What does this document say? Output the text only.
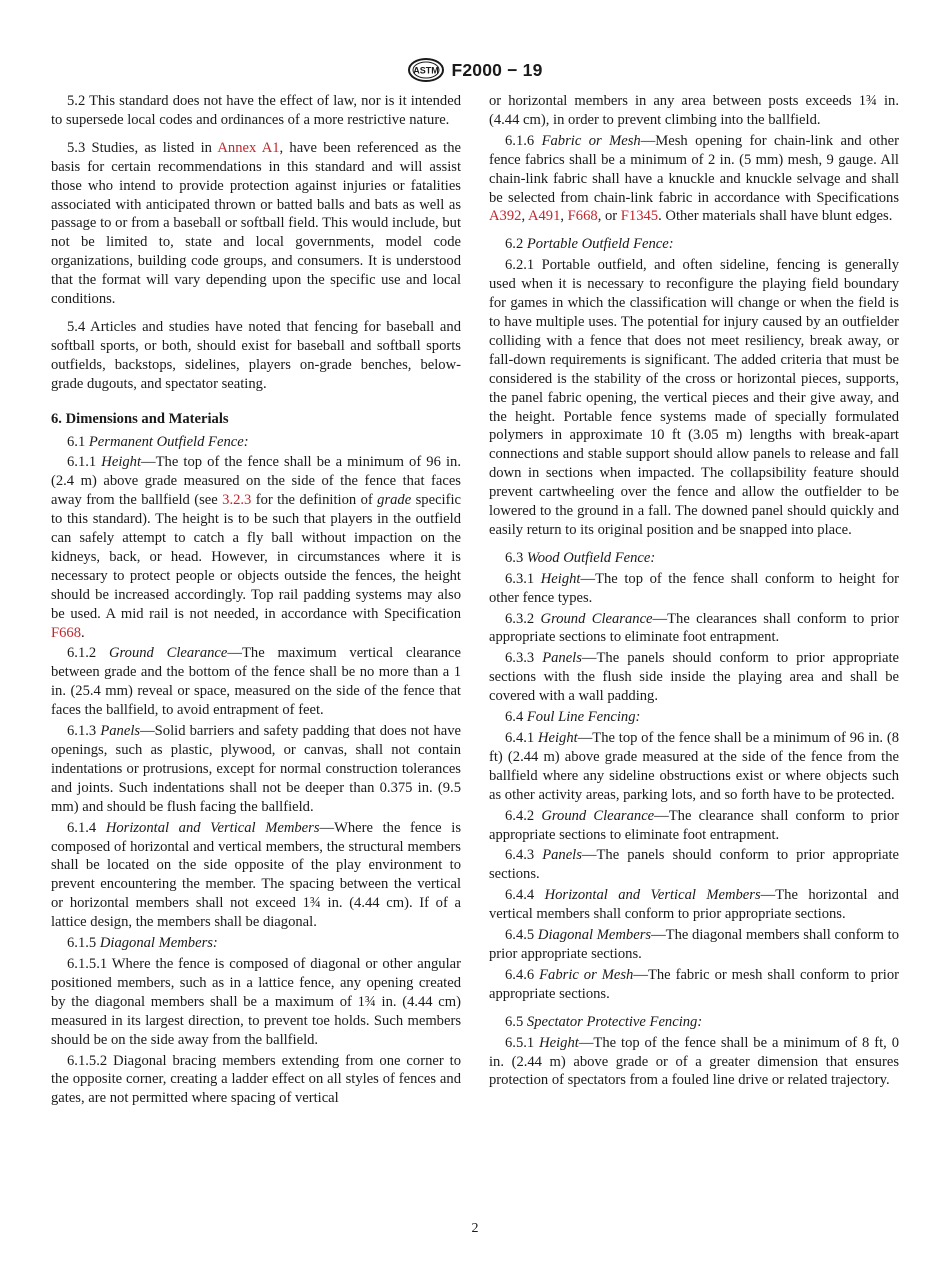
ASTM F2000 − 19

5.2 This standard does not have the effect of law, nor is it intended to supersede local codes and ordinances of a more restrictive nature.

5.3 Studies, as listed in Annex A1, have been referenced as the basis for certain recommendations in this standard and will assist those who intend to provide protection against injuries or fatalities associated with anticipated thrown or batted balls and bats as well as passage to or from a baseball or softball field. This would include, but not be limited to, state and local governments, model code organizations, building code groups, and consumers. It is understood that the format will vary depending upon the specific use and local conditions.

5.4 Articles and studies have noted that fencing for baseball and softball sports, or both, should exist for baseball and softball sports outfields, backstops, sidelines, players on-grade benches, below-grade dugouts, and spectator seating.

6. Dimensions and Materials

6.1 Permanent Outfield Fence:

6.1.1 Height—The top of the fence shall be a minimum of 96 in. (2.4 m) above grade measured on the side of the fence that faces away from the ballfield (see 3.2.3 for the definition of grade specific to this standard). The height is to be such that players in the outfield can safely attempt to catch a fly ball without impaction on the kidneys, back, or head. However, in circumstances where it is necessary to protect people or objects outside the fences, the height should be increased accordingly. Top rail padding systems may also be used. A mid rail is not needed, in accordance with Specification F668.

6.1.2 Ground Clearance—The maximum vertical clearance between grade and the bottom of the fence shall be no more than a 1 in. (25.4 mm) reveal or space, measured on the side of the fence that faces the ballfield, to avoid entrapment of feet.

6.1.3 Panels—Solid barriers and safety padding that does not have openings, such as plastic, plywood, or canvas, shall not contain indentations or protrusions, except for normal construction tolerances and joints. Such indentations shall not be deeper than 0.375 in. (9.5 mm) and should be flush facing the ballfield.

6.1.4 Horizontal and Vertical Members—Where the fence is composed of horizontal and vertical members, the structural members shall be located on the side opposite of the play environment to prevent encountering the member. The spacing between the vertical or horizontal members shall not exceed 1¾ in. (4.44 cm). If of a lattice design, the members shall be diagonal.

6.1.5 Diagonal Members:

6.1.5.1 Where the fence is composed of diagonal or other angular positioned members, such as in a lattice fence, any opening created by the diagonal members shall be a maximum of 1¾ in. (4.44 cm) measured in its largest direction, to prevent toe holds. Such members should be on the side away from the ballfield.

6.1.5.2 Diagonal bracing members extending from one corner to the opposite corner, creating a ladder effect on all styles of fences and gates, are not permitted where spacing of vertical

or horizontal members in any area between posts exceeds 1¾ in. (4.44 cm), in order to prevent climbing into the ballfield.

6.1.6 Fabric or Mesh—Mesh opening for chain-link and other fence fabrics shall be a minimum of 2 in. (5 mm) mesh, 9 gauge. All chain-link fabric shall have a knuckle and knuckle selvage and shall be selected from chain-link fabric in accordance with Specifications A392, A491, F668, or F1345. Other materials shall have blunt edges.

6.2 Portable Outfield Fence:

6.2.1 Portable outfield, and often sideline, fencing is generally used when it is necessary to reconfigure the playing field boundary for games in which the classification will change or when the field is to have multiple uses. The potential for injury caused by an outfielder colliding with a fence that does not meet resiliency, break away, or fall-down requirements is significant. The added criteria that must be considered is the stability of the cross or horizontal pieces, supports, the panel fabric opening, the vertical pieces and their give away, and the height. Portable fence systems made of specially formulated polymers in approximate 10 ft (3.05 m) lengths with break-apart connections and stable support should allow panels to release and fall down in sections when impacted. The collapsibility feature should prevent cartwheeling over the fence and allow the outfielder to be lowered to the ground in a fall. The downed panel should quickly and easily return to its original position and be snapped into place.

6.3 Wood Outfield Fence:

6.3.1 Height—The top of the fence shall conform to height for other fence types.

6.3.2 Ground Clearance—The clearances shall conform to prior appropriate sections to eliminate foot entrapment.

6.3.3 Panels—The panels should conform to prior appropriate sections with the flush side inside the playing area and shall be covered with a wall padding.

6.4 Foul Line Fencing:

6.4.1 Height—The top of the fence shall be a minimum of 96 in. (8 ft) (2.44 m) above grade measured at the side of the fence from the ballfield where any sideline obstructions exist or where objects such as other activity areas, parking lots, and so forth have to be protected.

6.4.2 Ground Clearance—The clearance shall conform to prior appropriate sections to eliminate foot entrapment.

6.4.3 Panels—The panels should conform to prior appropriate sections.

6.4.4 Horizontal and Vertical Members—The horizontal and vertical members shall conform to prior appropriate sections.

6.4.5 Diagonal Members—The diagonal members shall conform to prior appropriate sections.

6.4.6 Fabric or Mesh—The fabric or mesh shall conform to prior appropriate sections.

6.5 Spectator Protective Fencing:

6.5.1 Height—The top of the fence shall be a minimum of 8 ft, 0 in. (2.44 m) above grade or of a greater dimension that ensures protection of spectators from a fouled line drive or related trajectory.

2
